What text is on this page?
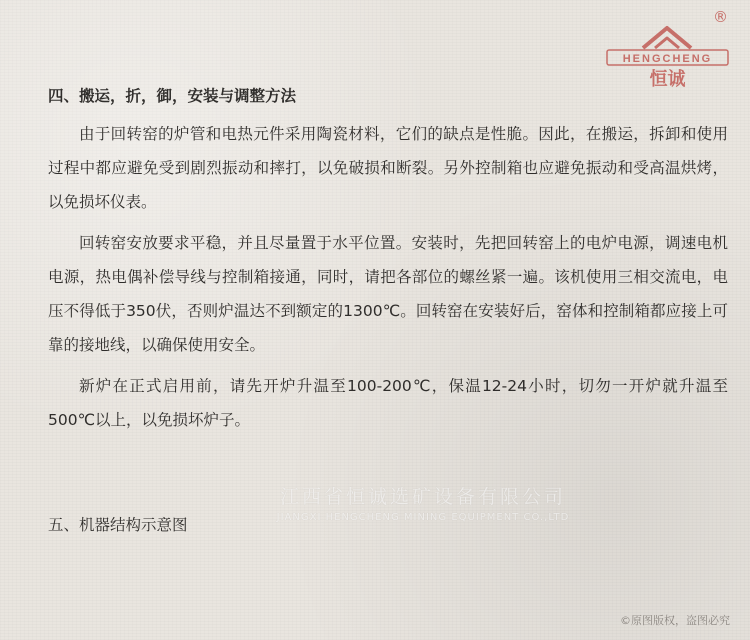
HENGCHENG
恒诚
®
四、搬运，折，御，安装与调整方法

由于回转窑的炉管和电热元件采用陶瓷材料，它们的缺点是性脆。因此，在搬运，拆卸和使用过程中都应避免受到剧烈振动和摔打，以免破损和断裂。另外控制箱也应避免振动和受高温烘烤，以免损坏仪表。

回转窑安放要求平稳，并且尽量置于水平位置。安装时，先把回转窑上的电炉电源，调速电机电源，热电偶补偿导线与控制箱接通，同时，请把各部位的螺丝紧一遍。该机使用三相交流电，电压不得低于350伏，否则炉温达不到额定的1300℃。回转窑在安装好后，窑体和控制箱都应接上可靠的接地线，以确保使用安全。

新炉在正式启用前，请先开炉升温至100-200℃，保温12-24小时，切勿一开炉就升温至500℃以上，以免损坏炉子。

江西省恒诚选矿设备有限公司
JIANGXI HENGCHENG MINING EQUIPMENT CO.,LTD
五、机器结构示意图
©原图版权，盗图必究
